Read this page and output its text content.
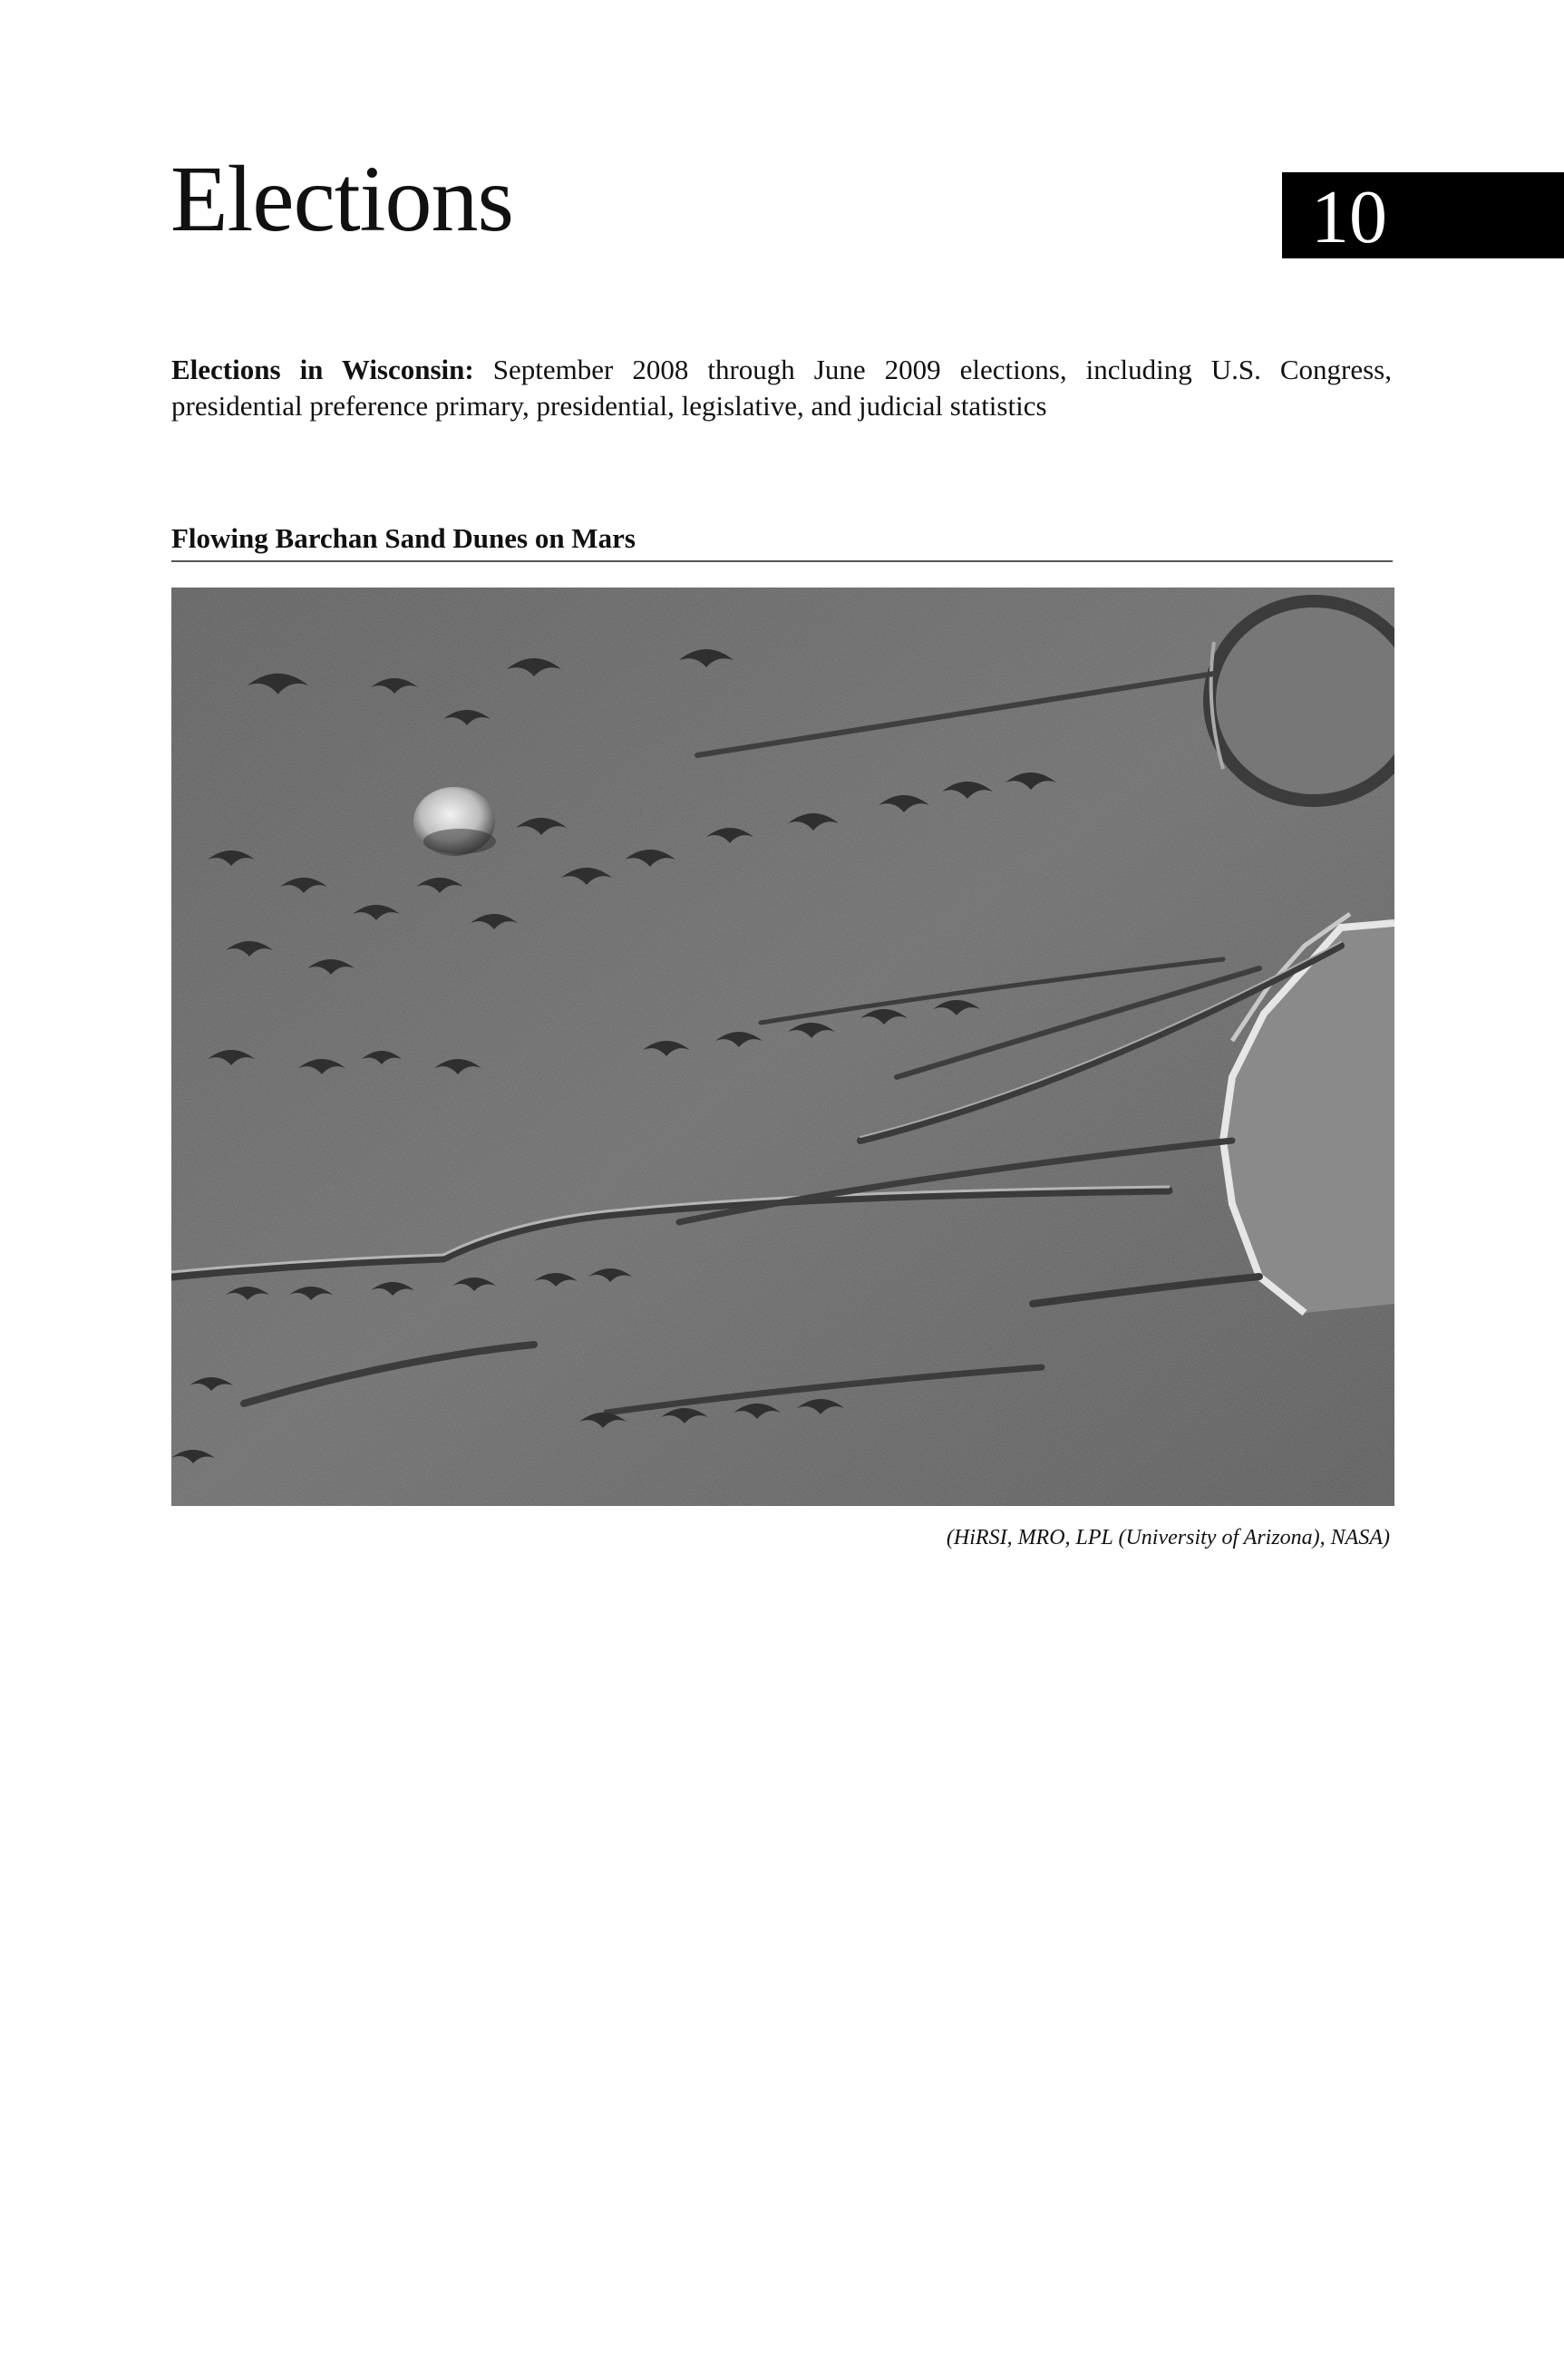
Elections	10

Elections in Wisconsin: September 2008 through June 2009 elections, including U.S. Congress, presidential preference primary, presidential, legislative, and judicial statistics

Flowing Barchan Sand Dunes on Mars

(HiRSI, MRO, LPL (University of Arizona), NASA)
